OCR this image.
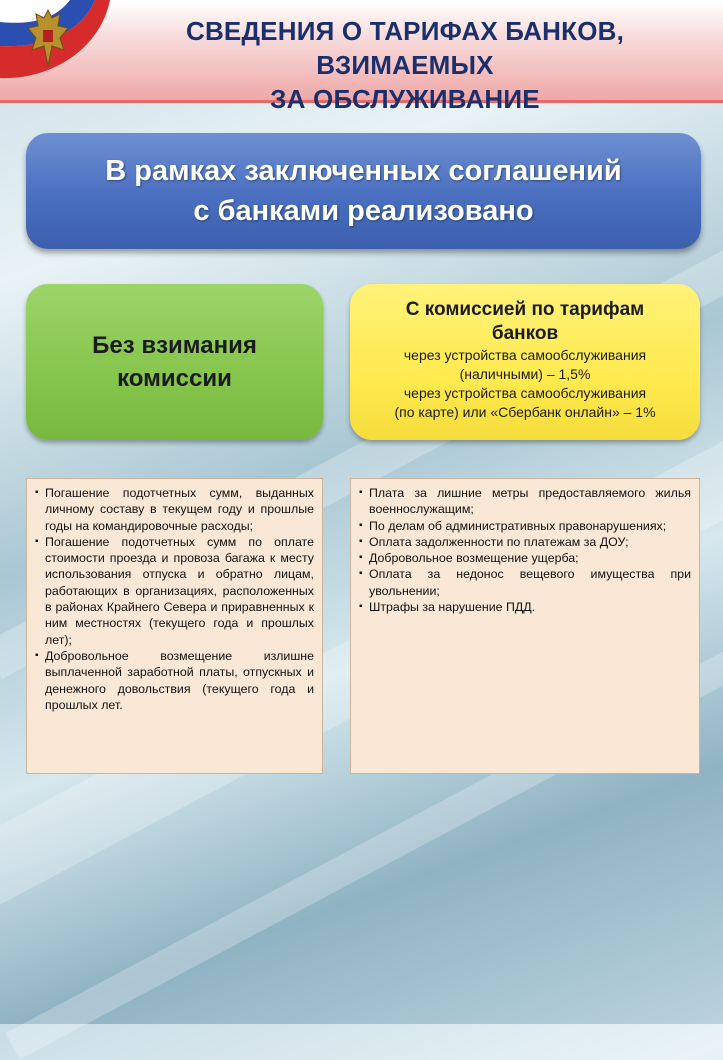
СВЕДЕНИЯ О ТАРИФАХ БАНКОВ, ВЗИМАЕМЫХ
ЗА ОБСЛУЖИВАНИЕ
В рамках заключенных соглашений
с банками реализовано
Без взимания
комиссии
С комиссией по тарифам
банков
через устройства самообслуживания
(наличными) – 1,5%
через устройства самообслуживания
(по карте) или «Сбербанк онлайн» – 1%
▪ Погашение подотчетных сумм, выданных личному составу в текущем году и прошлые годы на командировочные расходы;
▪ Погашение подотчетных сумм по оплате стоимости проезда и провоза багажа к месту использования отпуска и обратно лицам, работающих в организациях, расположенных в районах Крайнего Севера и приравненных к ним местностях (текущего года и прошлых лет);
▪ Добровольное возмещение излишне выплаченной заработной платы, отпускных и денежного довольствия (текущего года и прошлых лет.
▪ Плата за лишние метры предоставляемого жилья военнослужащим;
▪ По делам об административных правонарушениях;
▪ Оплата задолженности по платежам за ДОУ;
▪ Добровольное возмещение ущерба;
▪ Оплата за недонос вещевого имущества при увольнении;
▪ Штрафы за нарушение ПДД.
